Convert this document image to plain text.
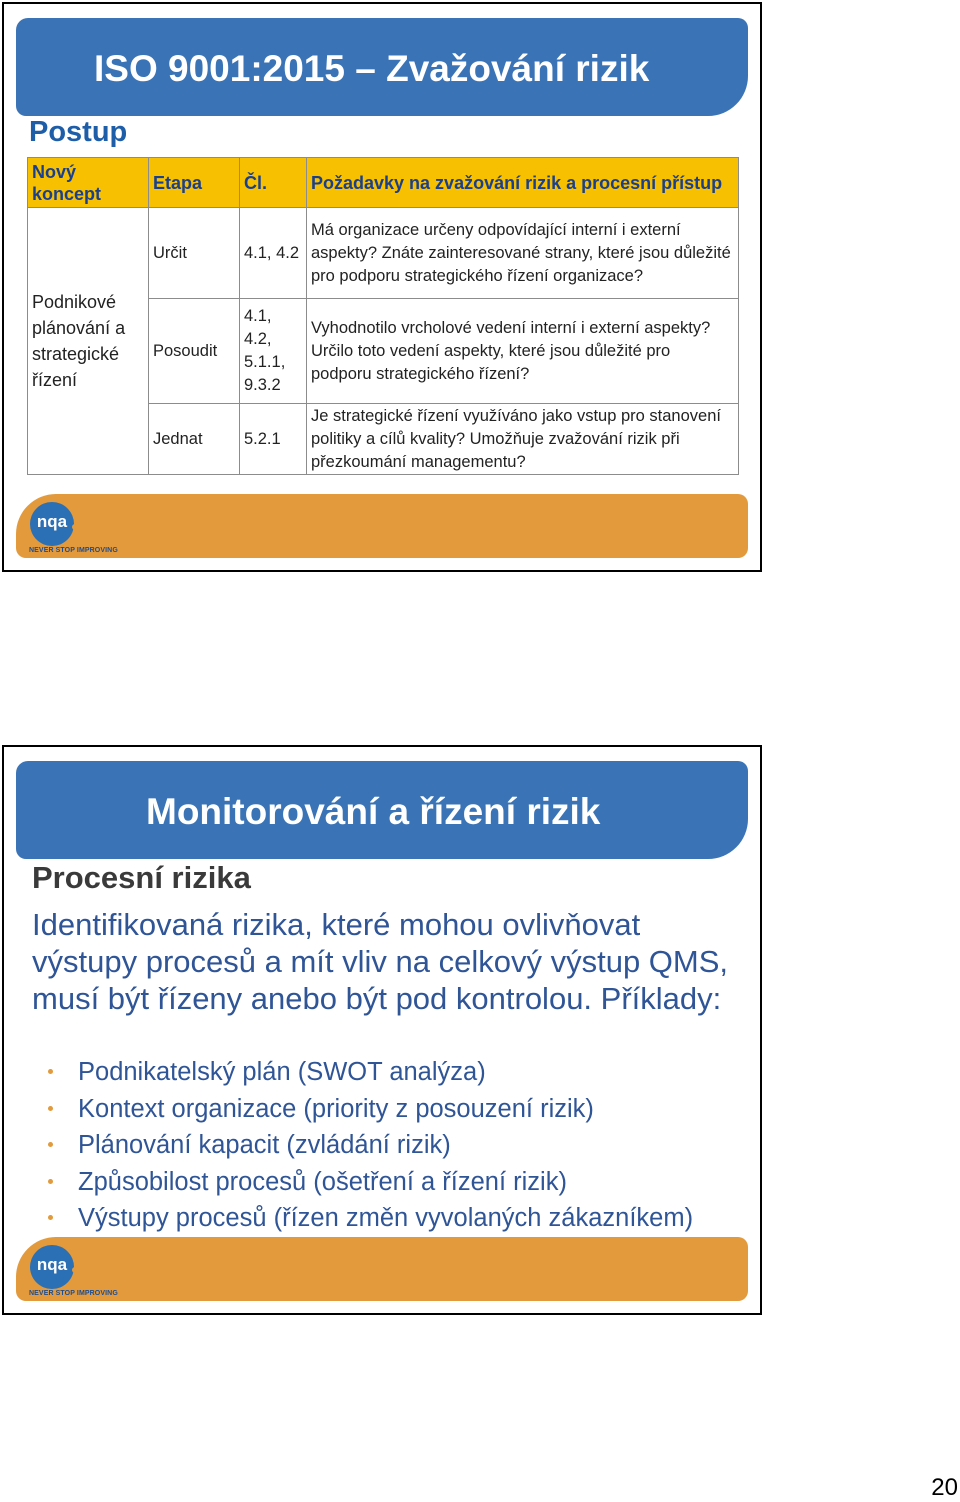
ISO 9001:2015 – Zvažování rizik
Postup
Nový koncept	Etapa	Čl.	Požadavky na zvažování rizik a procesní přístup
Podnikové plánování a strategické řízení	Určit	4.1, 4.2	Má organizace určeny odpovídající interní i externí aspekty? Znáte zainteresované strany, které jsou důležité pro podporu strategického řízení organizace?
	Posoudit	4.1, 4.2, 5.1.1, 9.3.2	Vyhodnotilo vrcholové vedení interní i externí aspekty? Určilo toto vedení aspekty, které jsou důležité pro podporu strategického řízení?
	Jednat	5.2.1	Je strategické řízení využíváno jako vstup pro stanovení politiky a cílů kvality? Umožňuje zvažování rizik při přezkoumání managementu?
nqa
NEVER STOP IMPROVING
Monitorování a řízení rizik
nqa
NEVER STOP IMPROVING
Procesní rizika
Identifikovaná rizika, které mohou ovlivňovat výstupy procesů a mít vliv na celkový výstup QMS, musí být řízeny anebo být pod kontrolou. Příklady:
Podnikatelský plán (SWOT analýza)
Kontext organizace (priority z posouzení rizik)
Plánování kapacit (zvládání rizik)
Způsobilost procesů (ošetření a řízení rizik)
Výstupy procesů (řízen změn vyvolaných zákazníkem)
20
